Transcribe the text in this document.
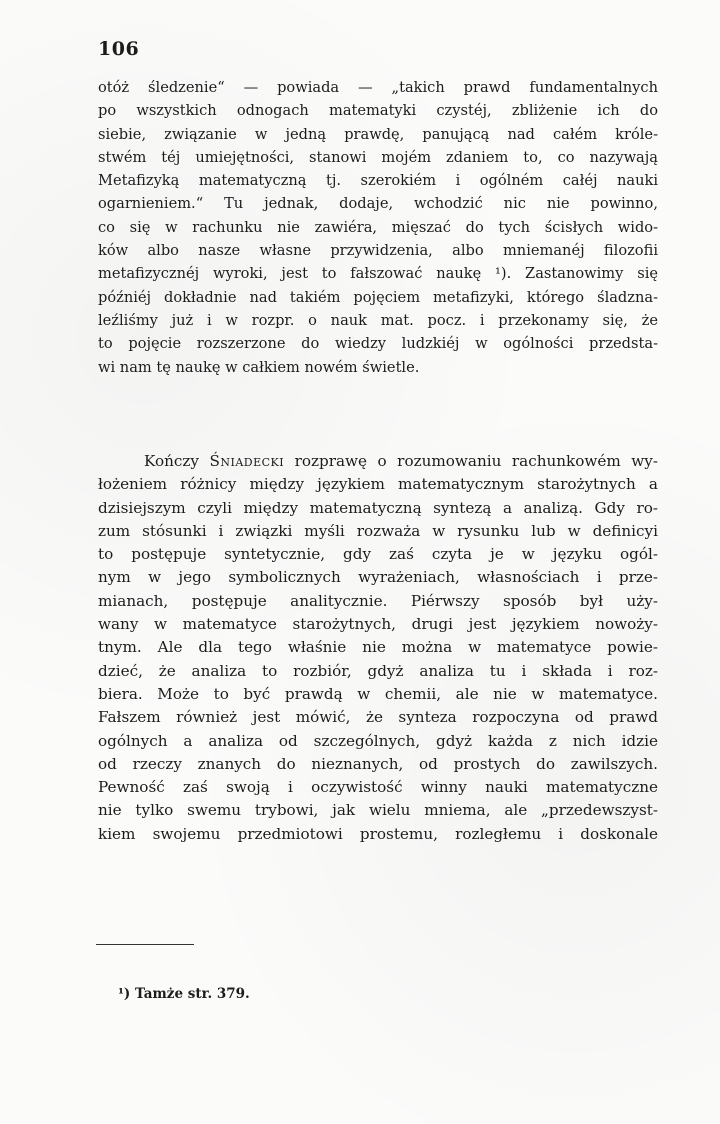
106
otóż śledzenie“ — powiada — „takich prawd fundamentalnych
po wszystkich odnogach matematyki czystéj, zbliżenie ich do
siebie, związanie w jedną prawdę, panującą nad całém króle-
stwém téj umiejętności, stanowi mojém zdaniem to, co nazywają
Metafizyką matematyczną tj. szerokiém i ogólném całéj nauki
ogarnieniem.“ Tu jednak, dodaje, wchodzić nic nie powinno,
co się w rachunku nie zawiéra, mięszać do tych ścisłych wido-
ków albo nasze własne przywidzenia, albo mniemanéj filozofii
metafizycznéj wyroki, jest to fałszować naukę ¹). Zastanowimy się
późniéj dokładnie nad takiém pojęciem metafizyki, którego śladzna-
leźliśmy już i w rozpr. o nauk mat. pocz. i przekonamy się, że
to pojęcie rozszerzone do wiedzy ludzkiéj w ogólności przedsta-
wi nam tę naukę w całkiem nowém świetle.
Kończy Śniadecki rozprawę o rozumowaniu rachunkowém wy-
łożeniem różnicy między językiem matematycznym starożytnych a
dzisiejszym czyli między matematyczną syntezą a analizą. Gdy ro-
zum stósunki i związki myśli rozważa w rysunku lub w definicyi
to postępuje syntetycznie, gdy zaś czyta je w języku ogól-
nym w jego symbolicznych wyrażeniach, własnościach i prze-
mianach, postępuje analitycznie. Piérwszy sposób był uży-
wany w matematyce starożytnych, drugi jest językiem nowoży-
tnym. Ale dla tego właśnie nie można w matematyce powie-
dzieć, że analiza to rozbiór, gdyż analiza tu i składa i roz-
biera. Może to być prawdą w chemii, ale nie w matematyce.
Fałszem również jest mówić, że synteza rozpoczyna od prawd
ogólnych a analiza od szczególnych, gdyż każda z nich idzie
od rzeczy znanych do nieznanych, od prostych do zawilszych.
Pewność zaś swoją i oczywistość winny nauki matematyczne
nie tylko swemu trybowi, jak wielu mniema, ale „przedewszyst-
kiem swojemu przedmiotowi prostemu, rozległemu i doskonale
¹) Tamże str. 379.
